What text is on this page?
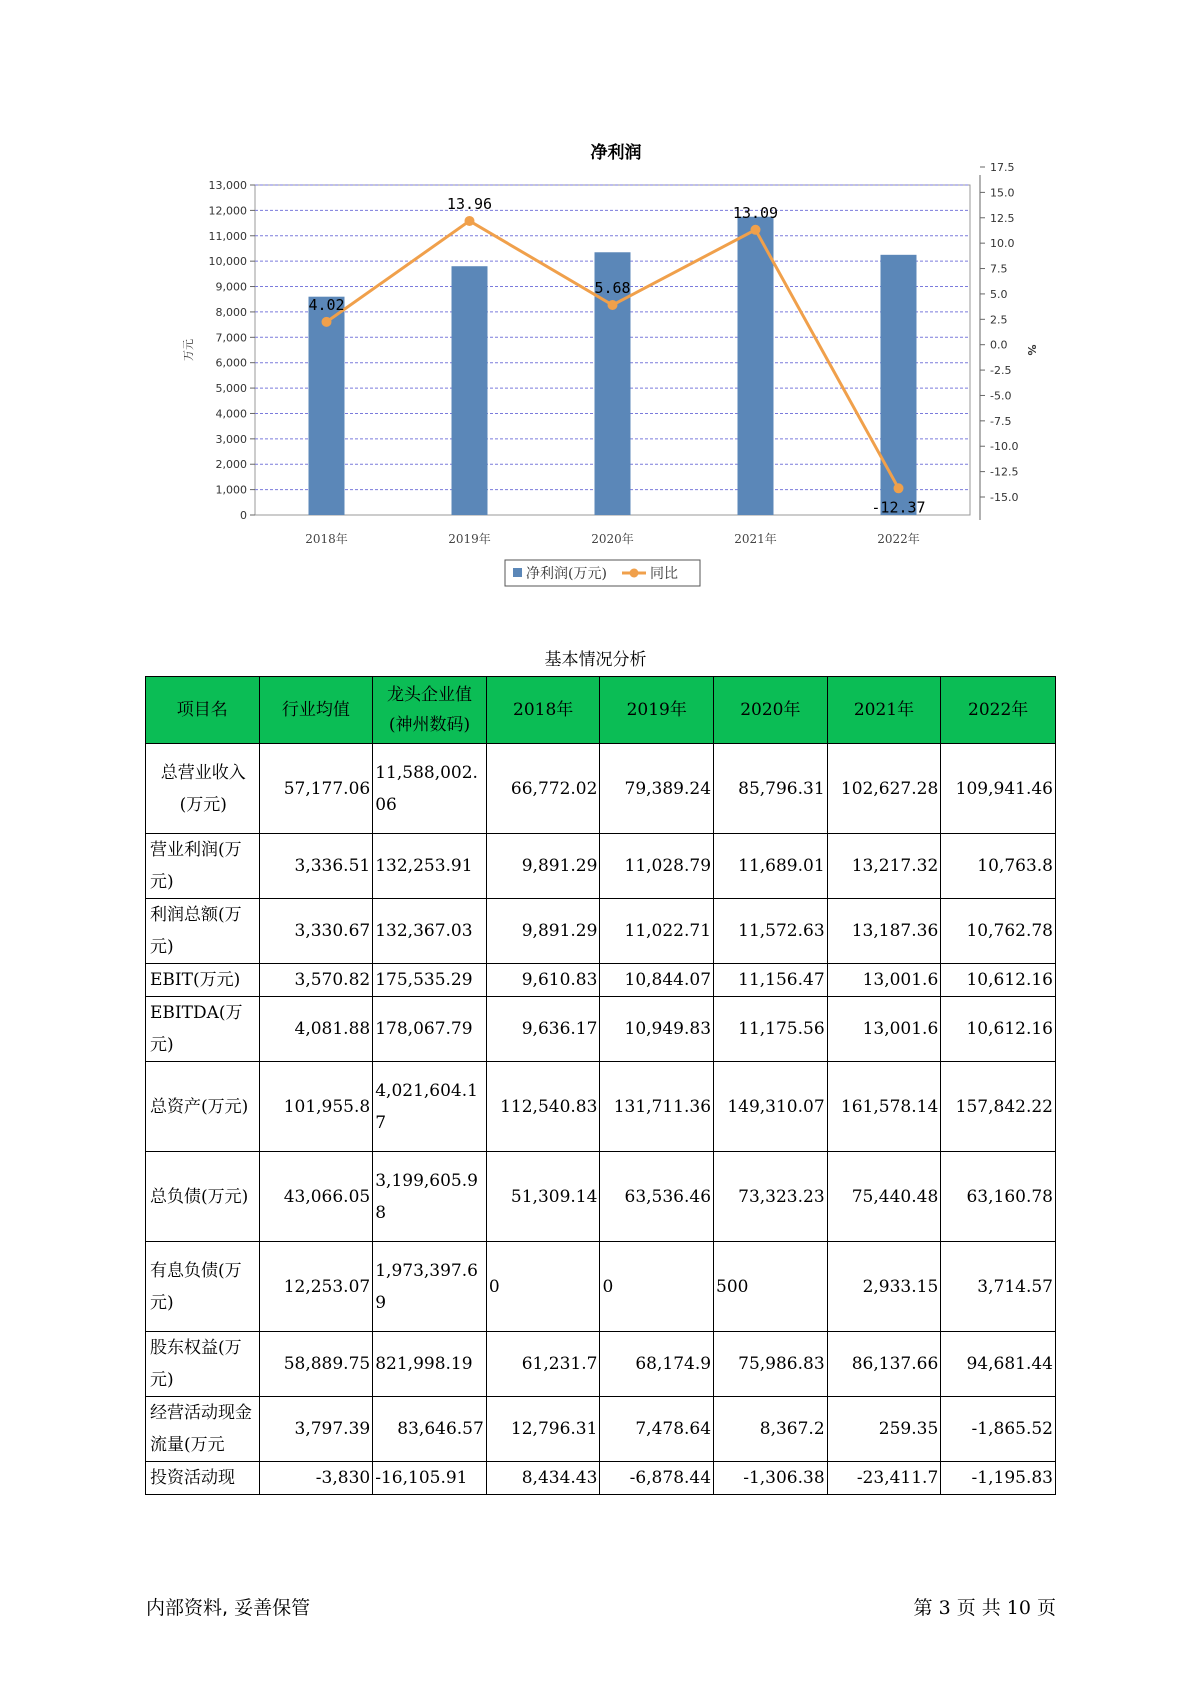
净利润
0
1,000
2,000
3,000
4,000
5,000
6,000
7,000
8,000
9,000
10,000
11,000
12,000
13,000
-15.0
-12.5
-10.0
-7.5
-5.0
-2.5
0.0
2.5
5.0
7.5
10.0
12.5
15.0
17.5
4.02
13.96
5.68
13.09
-12.37
2018年	2019年	2020年	2021年	2022年
万元	%
净利润(万元)	同比
基本情况分析
项目名	行业均值	龙头企业值(神州数码)	2018年	2019年	2020年	2021年	2022年
总营业收入(万元)	57,177.06	11,588,002.06	66,772.02	79,389.24	85,796.31	102,627.28	109,941.46
营业利润(万元)	3,336.51	132,253.91	9,891.29	11,028.79	11,689.01	13,217.32	10,763.8
利润总额(万元)	3,330.67	132,367.03	9,891.29	11,022.71	11,572.63	13,187.36	10,762.78
EBIT(万元)	3,570.82	175,535.29	9,610.83	10,844.07	11,156.47	13,001.6	10,612.16
EBITDA(万元)	4,081.88	178,067.79	9,636.17	10,949.83	11,175.56	13,001.6	10,612.16
总资产(万元)	101,955.8	4,021,604.17	112,540.83	131,711.36	149,310.07	161,578.14	157,842.22
总负债(万元)	43,066.05	3,199,605.98	51,309.14	63,536.46	73,323.23	75,440.48	63,160.78
有息负债(万元)	12,253.07	1,973,397.69	0	0	500	2,933.15	3,714.57
股东权益(万元)	58,889.75	821,998.19	61,231.7	68,174.9	75,986.83	86,137.66	94,681.44
经营活动现金流量(万元	3,797.39	83,646.57	12,796.31	7,478.64	8,367.2	259.35	-1,865.52
投资活动现	-3,830	-16,105.91	8,434.43	-6,878.44	-1,306.38	-23,411.7	-1,195.83
内部资料, 妥善保管	第 3 页 共 10 页
